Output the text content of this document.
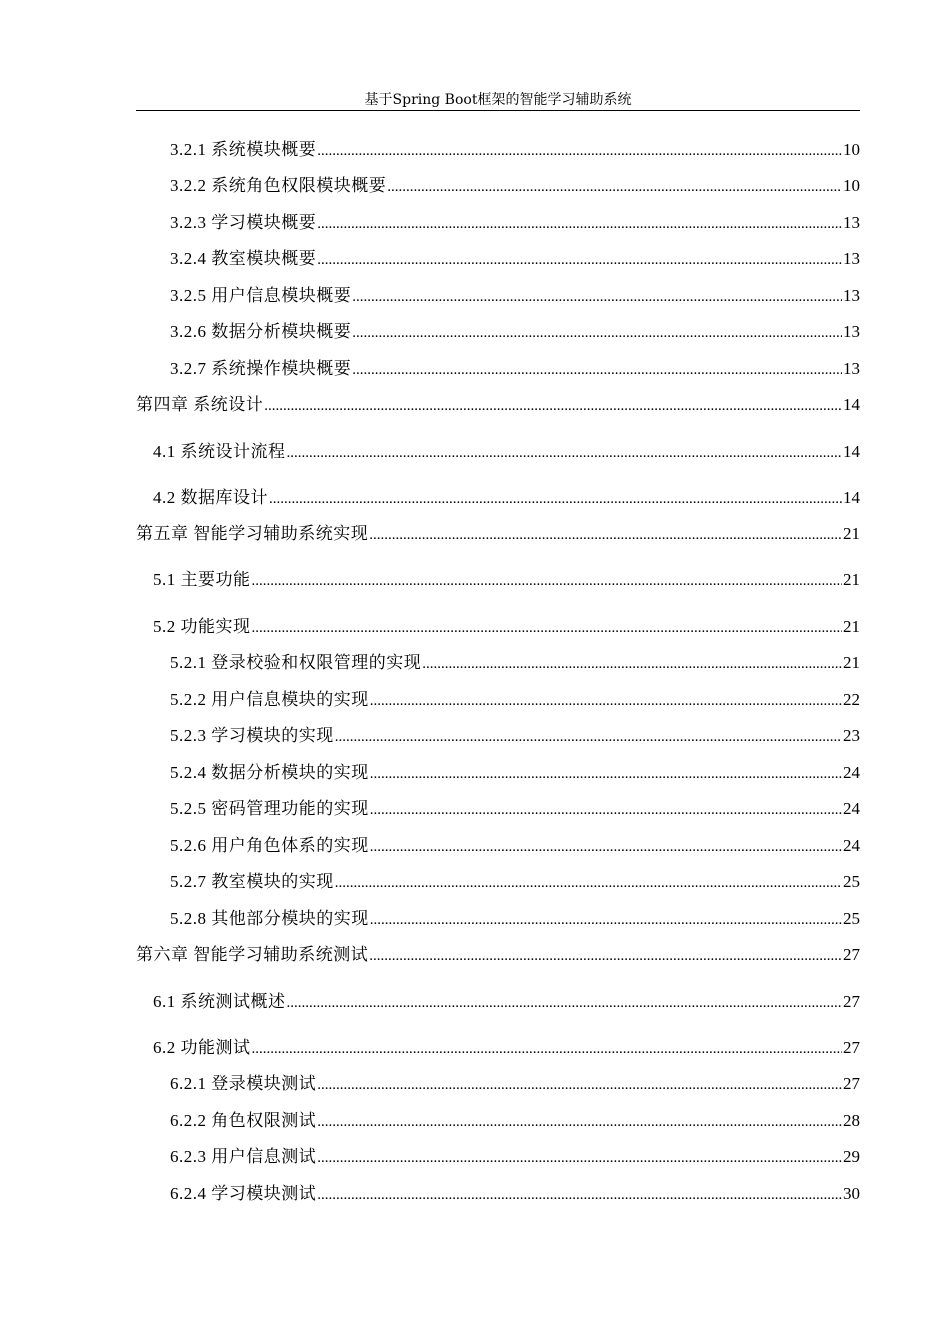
基于Spring Boot框架的智能学习辅助系统
3.2.1 系统模块概要 .....	10
3.2.2 系统角色权限模块概要 .....	10
3.2.3 学习模块概要 .....	13
3.2.4 教室模块概要 .....	13
3.2.5 用户信息模块概要 .....	13
3.2.6 数据分析模块概要 .....	13
3.2.7 系统操作模块概要 .....	13
第四章 系统设计 .....	14
4.1 系统设计流程 .....	14
4.2 数据库设计 .....	14
第五章 智能学习辅助系统实现 .....	21
5.1 主要功能 .....	21
5.2 功能实现 .....	21
5.2.1 登录校验和权限管理的实现 .....	21
5.2.2 用户信息模块的实现 .....	22
5.2.3 学习模块的实现 .....	23
5.2.4 数据分析模块的实现 .....	24
5.2.5 密码管理功能的实现 .....	24
5.2.6 用户角色体系的实现 .....	24
5.2.7 教室模块的实现 .....	25
5.2.8 其他部分模块的实现 .....	25
第六章 智能学习辅助系统测试 .....	27
6.1 系统测试概述 .....	27
6.2 功能测试 .....	27
6.2.1 登录模块测试 .....	27
6.2.2 角色权限测试 .....	28
6.2.3 用户信息测试 .....	29
6.2.4 学习模块测试 .....	30
